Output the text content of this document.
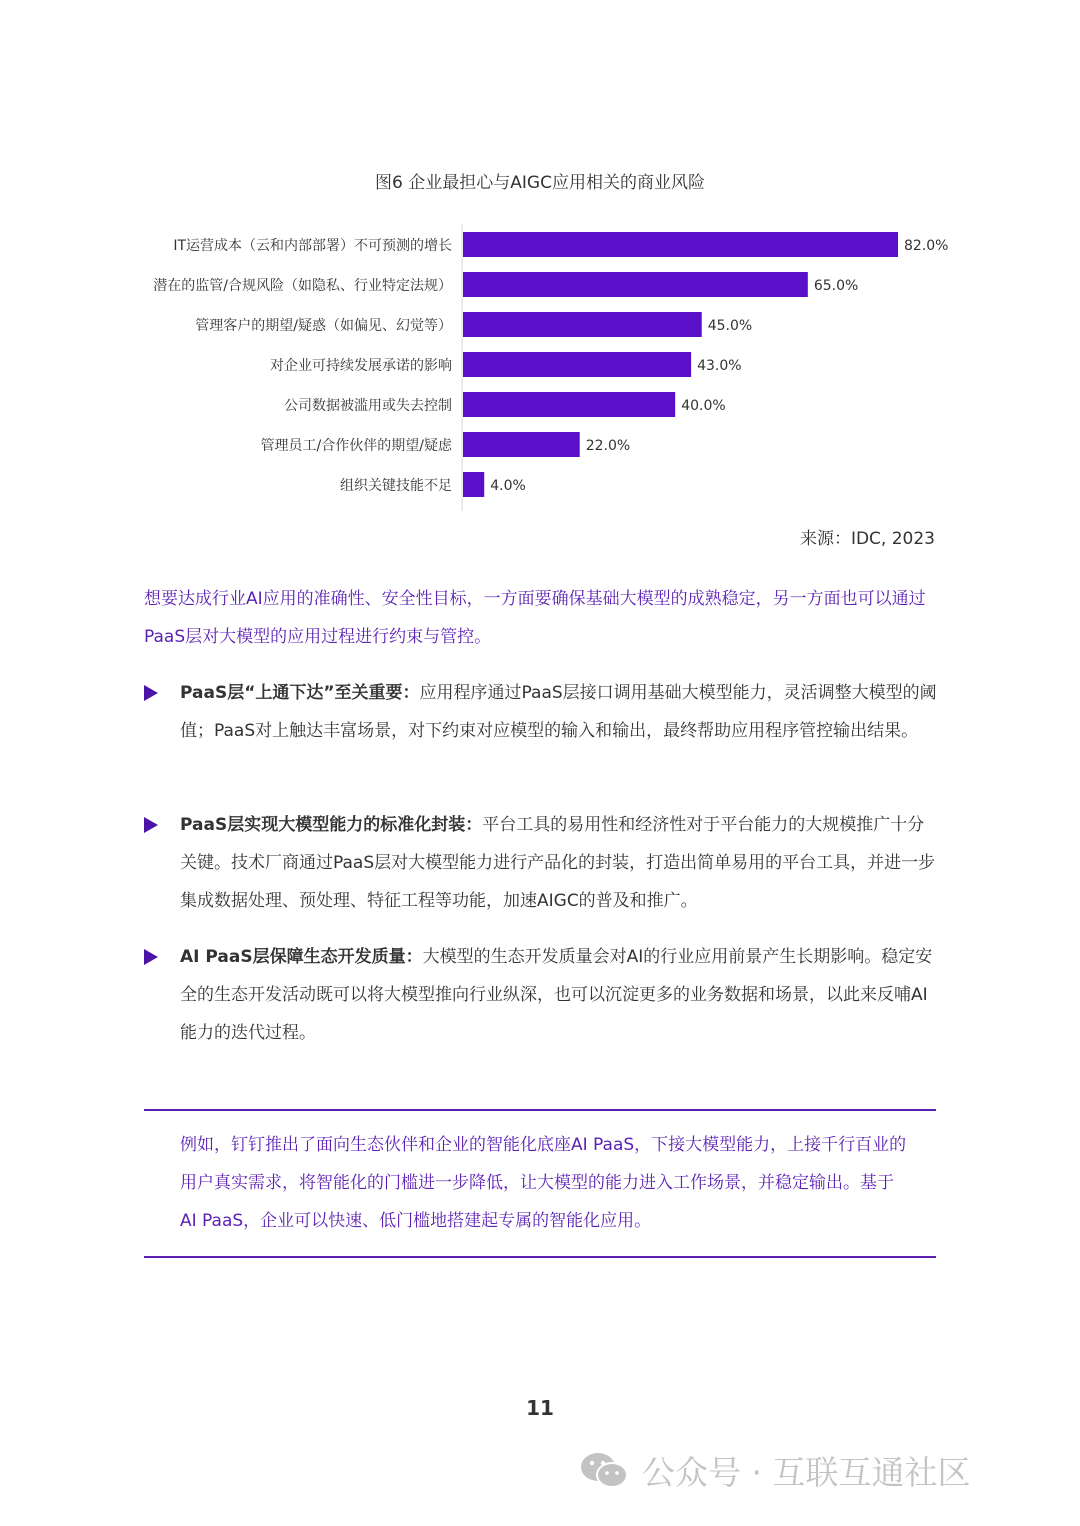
图6 企业最担心与AIGC应用相关的商业风险
IT运营成本（云和内部部署）不可预测的增长	82.0%
潜在的监管/合规风险（如隐私、行业特定法规）	65.0%
管理客户的期望/疑惑（如偏见、幻觉等）	45.0%
对企业可持续发展承诺的影响	43.0%
公司数据被滥用或失去控制	40.0%
管理员工/合作伙伴的期望/疑虑	22.0%
组织关键技能不足	4.0%
来源：IDC, 2023
想要达成行业AI应用的准确性、安全性目标，一方面要确保基础大模型的成熟稳定，另一方面也可以通过PaaS层对大模型的应用过程进行约束与管控。
PaaS层“上通下达”至关重要：应用程序通过PaaS层接口调用基础大模型能力，灵活调整大模型的阈值；PaaS对上触达丰富场景，对下约束对应模型的输入和输出，最终帮助应用程序管控输出结果。
PaaS层实现大模型能力的标准化封装：平台工具的易用性和经济性对于平台能力的大规模推广十分关键。技术厂商通过PaaS层对大模型能力进行产品化的封装，打造出简单易用的平台工具，并进一步集成数据处理、预处理、特征工程等功能，加速AIGC的普及和推广。
AI PaaS层保障生态开发质量：大模型的生态开发质量会对AI的行业应用前景产生长期影响。稳定安全的生态开发活动既可以将大模型推向行业纵深，也可以沉淀更多的业务数据和场景，以此来反哺AI能力的迭代过程。
例如，钉钉推出了面向生态伙伴和企业的智能化底座AI PaaS，下接大模型能力，上接千行百业的用户真实需求，将智能化的门槛进一步降低，让大模型的能力进入工作场景，并稳定输出。基于AI PaaS，企业可以快速、低门槛地搭建起专属的智能化应用。
11
公众号 · 互联互通社区
